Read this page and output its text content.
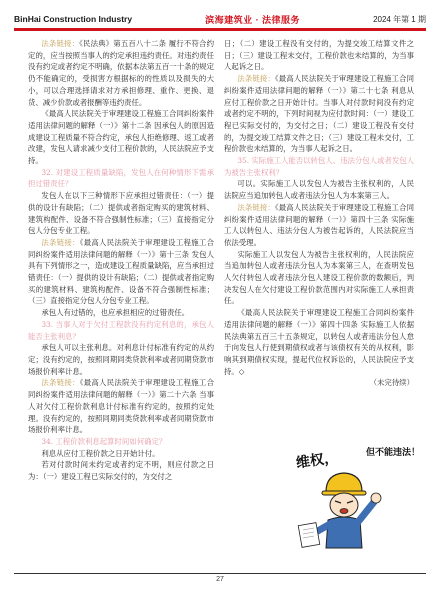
BinHai Construction Industry	滨海建筑业 · 法律服务	2024 年第 1 期

法条链接：《民法典》第五百八十二条 履行不符合约定的，应当按照当事人的约定承担违约责任。对违约责任没有约定或者约定不明确，依据本法第五百一十条的规定仍不能确定的，受损害方根据标的的性质以及损失的大小，可以合理选择请求对方承担修理、重作、更换、退货、减少价款或者报酬等违约责任。

《最高人民法院关于审理建设工程施工合同纠纷案件适用法律问题的解释（一）》第十二条 因承包人的原因造成建设工程质量不符合约定，承包人拒绝修理、返工或者改建，发包人请求减少支付工程价款的，人民法院应予支持。

32. 对建设工程质量缺陷，发包人在何种情形下需承担过错责任？

发包人在以下三种情形下应承担过错责任：（一）提供的设计有缺陷；（二）提供或者指定购买的建筑材料、建筑构配件、设备不符合强制性标准；（三）直接指定分包人分包专业工程。

法条链接：《最高人民法院关于审理建设工程施工合同纠纷案件适用法律问题的解释（一）》第十三条 发包人具有下列情形之一，造成建设工程质量缺陷，应当承担过错责任：（一）提供的设计有缺陷；（二）提供或者指定购买的建筑材料、建筑构配件、设备不符合强制性标准；（三）直接指定分包人分包专业工程。

承包人有过错的，也应承担相应的过错责任。

33. 当事人对于欠付工程款没有约定利息的，承包人能否主张利息？

承包人可以主张利息。对利息计付标准有约定的从约定；没有约定的，按照同期同类贷款利率或者同期贷款市场报价利率计息。

法条链接：《最高人民法院关于审理建设工程施工合同纠纷案件适用法律问题的解释（一）》第二十六条 当事人对欠付工程价款利息计付标准有约定的，按照约定处理。没有约定的，按照同期同类贷款利率或者同期贷款市场报价利率计息。

34. 工程价款利息起算时间如何确定？

利息从应付工程价款之日开始计付。

若对付款时间未约定或者约定不明，则应付款之日为：（一）建设工程已实际交付的，为交付之

日；（二）建设工程没有交付的，为提交竣工结算文件之日；（三）建设工程未交付，工程价款也未结算的，为当事人起诉之日。

法条链接：《最高人民法院关于审理建设工程施工合同纠纷案件适用法律问题的解释（一）》第二十七条 利息从应付工程价款之日开始计付。当事人对付款时间没有约定或者约定不明的，下列时间视为应付款时间：（一）建设工程已实际交付的，为交付之日；（二）建设工程没有交付的，为提交竣工结算文件之日；（三）建设工程未交付，工程价款也未结算的，为当事人起诉之日。

35. 实际施工人能否以转包人、违法分包人或者发包人为被告主张权利？

可以。实际施工人以发包人为被告主张权利的，人民法院应当追加转包人或者违法分包人为本案第三人。

法条链接：《最高人民法院关于审理建设工程施工合同纠纷案件适用法律问题的解释（一）》第四十三条 实际施工人以转包人、违法分包人为被告起诉的，人民法院应当依法受理。

实际施工人以发包人为被告主张权利的，人民法院应当追加转包人或者违法分包人为本案第三人，在查明发包人欠付转包人或者违法分包人建设工程价款的数额后，判决发包人在欠付建设工程价款范围内对实际施工人承担责任。

《最高人民法院关于审理建设工程施工合同纠纷案件适用法律问题的解释（一）》第四十四条 实际施工人依据民法典第五百三十五条规定，以转包人或者违法分包人怠于向发包人行使到期债权或者与该债权有关的从权利，影响其到期债权实现，提起代位权诉讼的，人民法院应予支持。◇

（未完待续）

维权，	但不能违法！
27
